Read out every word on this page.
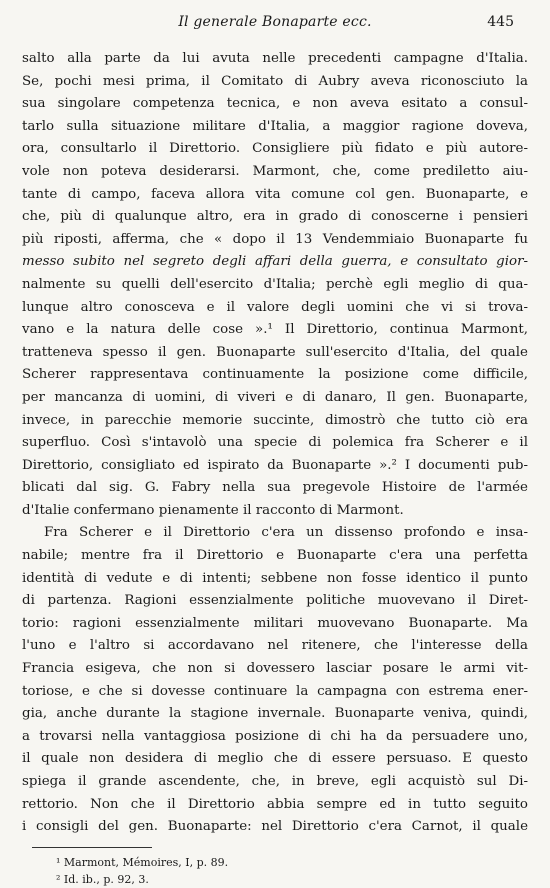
Il generale Bonaparte ecc.	445
salto alla parte da lui avuta nelle precedenti campagne d'Italia.
Se, pochi mesi prima, il Comitato di Aubry aveva riconosciuto la
sua singolare competenza tecnica, e non aveva esitato a consul-
tarlo sulla situazione militare d'Italia, a maggior ragione doveva,
ora, consultarlo il Direttorio. Consigliere più fidato e più autore-
vole non poteva desiderarsi. Marmont, che, come prediletto aiu-
tante di campo, faceva allora vita comune col gen. Buonaparte, e
che, più di qualunque altro, era in grado di conoscerne i pensieri
più riposti, afferma, che « dopo il 13 Vendemmiaio Buonaparte fu
messo subito nel segreto degli affari della guerra, e consultato gior-
nalmente su quelli dell'esercito d'Italia; perchè egli meglio di qua-
lunque altro conosceva e il valore degli uomini che vi si trova-
vano e la natura delle cose ».¹ Il Direttorio, continua Marmont,
tratteneva spesso il gen. Buonaparte sull'esercito d'Italia, del quale
Scherer rappresentava continuamente la posizione come difficile,
per mancanza di uomini, di viveri e di danaro, Il gen. Buonaparte,
invece, in parecchie memorie succinte, dimostrò che tutto ciò era
superfluo. Così s'intavolò una specie di polemica fra Scherer e il
Direttorio, consigliato ed ispirato da Buonaparte ».² I documenti pub-
blicati dal sig. G. Fabry nella sua pregevole Histoire de l'armée
d'Italie confermano pienamente il racconto di Marmont.
Fra Scherer e il Direttorio c'era un dissenso profondo e insa-
nabile; mentre fra il Direttorio e Buonaparte c'era una perfetta
identità di vedute e di intenti; sebbene non fosse identico il punto
di partenza. Ragioni essenzialmente politiche muovevano il Diret-
torio: ragioni essenzialmente militari muovevano Buonaparte. Ma
l'uno e l'altro si accordavano nel ritenere, che l'interesse della
Francia esigeva, che non si dovessero lasciar posare le armi vit-
toriose, e che si dovesse continuare la campagna con estrema ener-
gia, anche durante la stagione invernale. Buonaparte veniva, quindi,
a trovarsi nella vantaggiosa posizione di chi ha da persuadere uno,
il quale non desidera di meglio che di essere persuaso. E questo
spiega il grande ascendente, che, in breve, egli acquistò sul Di-
rettorio. Non che il Direttorio abbia sempre ed in tutto seguito
i consigli del gen. Buonaparte: nel Direttorio c'era Carnot, il quale
¹ Marmont, Mémoires, I, p. 89.
² Id. ib., p. 92, 3.
